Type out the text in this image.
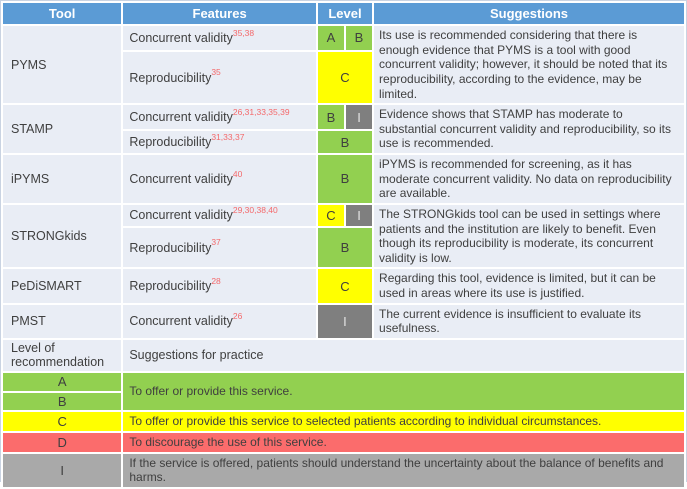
Tool	Features	Level		Suggestions
PYMS	Concurrent validity$^{35,38}$	A	B	Its use is recommended considering that there is enough evidence that PYMS is a tool with good concurrent validity; however, it should be noted that its reproducibility, according to the evidence, may be limited.
	Reproducibility$^{35}$	C		
STAMP	Concurrent validity$^{26,31,33,35,39}$	B	I	Evidence shows that STAMP has moderate to substantial concurrent validity and reproducibility, so its use is recommended.
	Reproducibility$^{31,33,37}$	B		
iPYMS	Concurrent validity$^{40}$	B		iPYMS is recommended for screening, as it has moderate concurrent validity. No data on reproducibility are available.
STRONGkids	Concurrent validity$^{29,30,38,40}$	C	I	The STRONGkids tool can be used in settings where patients and the institution are likely to benefit. Even though its reproducibility is moderate, its concurrent validity is low.
	Reproducibility$^{37}$	B		
PeDiSMART	Reproducibility$^{28}$	C		Regarding this tool, evidence is limited, but it can be used in areas where its use is justified.
PMST	Concurrent validity$^{26}$	I		The current evidence is insufficient to evaluate its usefulness.
Level of recommendation	Suggestions for practice			
A	To offer or provide this service.			
B				
C	To offer or provide this service to selected patients according to individual circumstances.			
D	To discourage the use of this service.			
I	If the service is offered, patients should understand the uncertainty about the balance of benefits and harms.			
